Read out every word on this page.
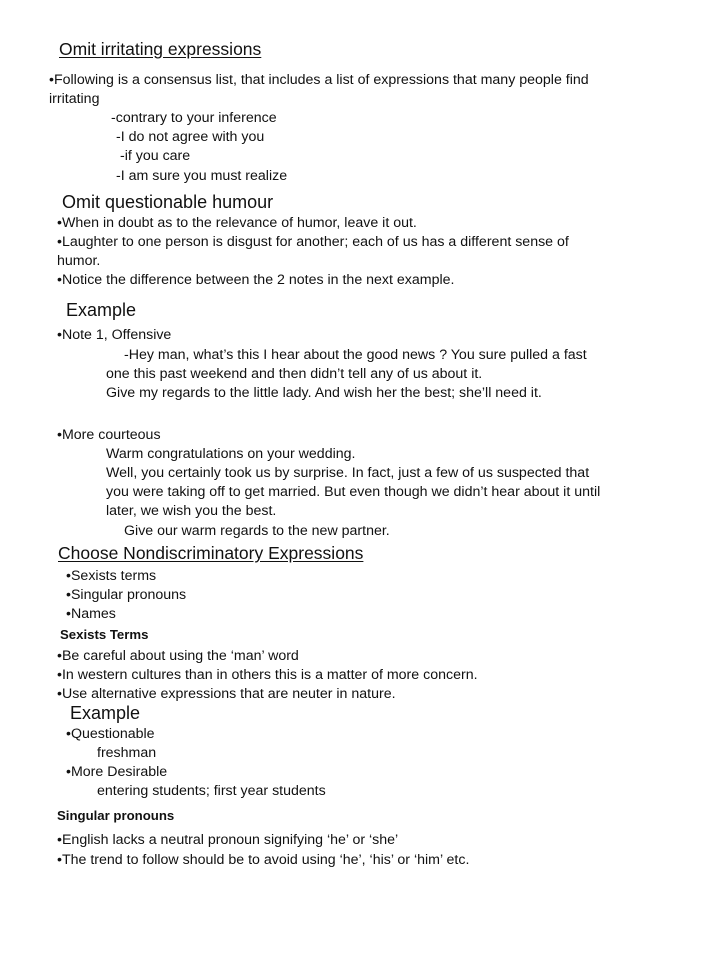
Omit irritating expressions
•Following is a consensus list, that includes a list of expressions that many people find
irritating
-contrary to your inference
-I do not agree with you
-if you care
-I am sure you must realize
Omit questionable humour
•When in doubt as to the relevance of humor, leave it out.
•Laughter to one person is disgust for another; each of us has a different sense of
humor.
•Notice the difference between the 2 notes in the next example.
Example
•Note 1, Offensive
-Hey man, what’s this I hear about the good news ? You sure pulled a fast
one this past weekend and then didn’t tell any of us about it.
Give my regards to the little lady. And wish her the best; she’ll need it.
•More courteous
Warm congratulations on your wedding.
Well, you certainly took us by surprise. In fact, just a few of us suspected that
you were taking off to get married. But even though we didn’t hear about it until
later, we wish you the best.
Give our warm regards to the new partner.
Choose Nondiscriminatory Expressions
•Sexists terms
•Singular pronouns
•Names
Sexists Terms
•Be careful about using the ‘man’ word
•In western cultures than in others this is a matter of more concern.
•Use alternative expressions that are neuter in nature.
Example
•Questionable
freshman
•More Desirable
entering students; first year students
Singular pronouns
•English lacks a neutral pronoun signifying ‘he’ or ‘she’
•The trend to follow should be to avoid using ‘he’, ‘his’ or ‘him’ etc.
